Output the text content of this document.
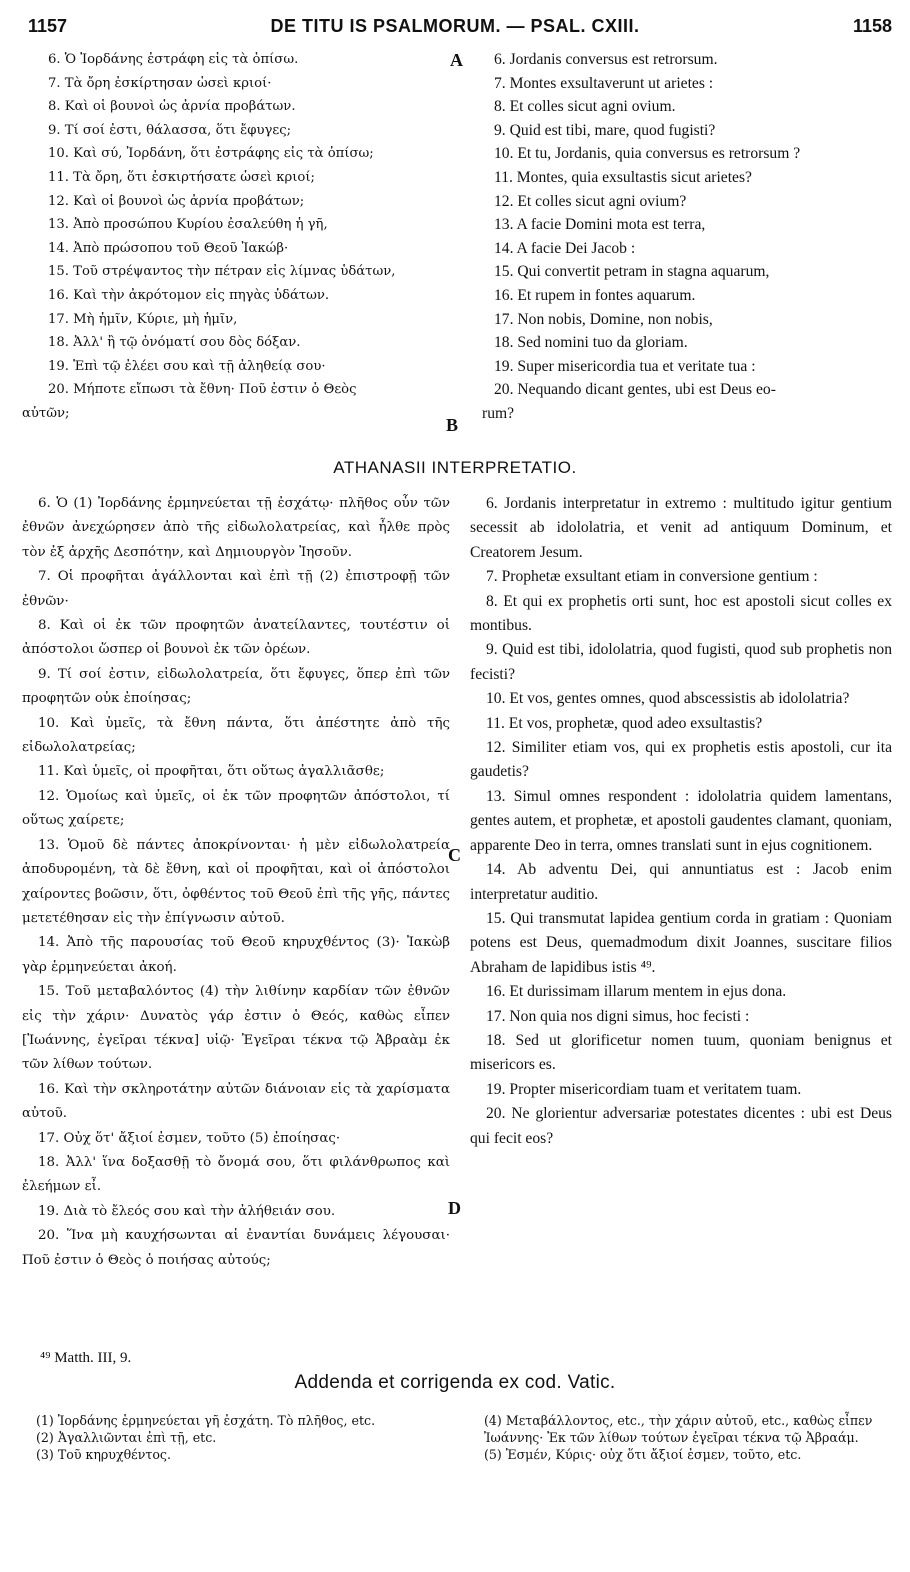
1157	DE TITU IS PSALMORUM. — PSAL. CXIII.	1158
6. Ὁ Ἰορδάνης ἐστράφη εἰς τὰ ὀπίσω.
7. Τὰ ὄρη ἐσκίρτησαν ὡσεὶ κριοί·
8. Καὶ οἱ βουνοὶ ὡς ἀρνία προβάτων.
9. Τί σοί ἐστι, θάλασσα, ὅτι ἔφυγες;
10. Καὶ σύ, Ἰορδάνη, ὅτι ἐστράφης εἰς τὰ ὀπίσω;
11. Τὰ ὄρη, ὅτι ἐσκιρτήσατε ὡσεὶ κριοί;
12. Καὶ οἱ βουνοὶ ὡς ἀρνία προβάτων;
13. Ἀπὸ προσώπου Κυρίου ἐσαλεύθη ἡ γῆ,
14. Ἀπὸ πρώσοπου τοῦ Θεοῦ Ἰακώβ·
15. Τοῦ στρέψαντος τὴν πέτραν εἰς λίμνας ὑδάτων,
16. Καὶ τὴν ἀκρότομον εἰς πηγὰς ὑδάτων.
17. Μὴ ἡμῖν, Κύριε, μὴ ἡμῖν,
18. Ἀλλ' ἢ τῷ ὀνόματί σου δὸς δόξαν.
19. Ἐπὶ τῷ ἐλέει σου καὶ τῇ ἀληθείᾳ σου·
20. Μήποτε εἴπωσι τὰ ἔθνη· Ποῦ ἐστιν ὁ Θεὸς
αὐτῶν;
6. Jordanis conversus est retrorsum.
7. Montes exsultaverunt ut arietes :
8. Et colles sicut agni ovium.
9. Quid est tibi, mare, quod fugisti?
10. Et tu, Jordanis, quia conversus es retrorsum ?
11. Montes, quia exsultastis sicut arietes?
12. Et colles sicut agni ovium?
13. A facie Domini mota est terra,
14. A facie Dei Jacob :
15. Qui convertit petram in stagna aquarum,
16. Et rupem in fontes aquarum.
17. Non nobis, Domine, non nobis,
18. Sed nomini tuo da gloriam.
19. Super misericordia tua et veritate tua :
20. Nequando dicant gentes, ubi est Deus eo-
rum?
A
B
ATHANASII INTERPRETATIO.
6. Ὁ (1) Ἰορδάνης ἑρμηνεύεται τῇ ἐσχάτῳ· πλῆθος οὖν τῶν ἐθνῶν ἀνεχώρησεν ἀπὸ τῆς εἰδωλολατρείας, καὶ ἦλθε πρὸς τὸν ἐξ ἀρχῆς Δεσπότην, καὶ Δημιουργὸν Ἰησοῦν.
7. Οἱ προφῆται ἀγάλλονται καὶ ἐπὶ τῇ (2) ἐπιστροφῇ τῶν ἐθνῶν·
8. Καὶ οἱ ἐκ τῶν προφητῶν ἀνατείλαντες, τουτέστιν οἱ ἀπόστολοι ὥσπερ οἱ βουνοὶ ἐκ τῶν ὀρέων.
9. Τί σοί ἐστιν, εἰδωλολατρεία, ὅτι ἔφυγες, ὅπερ ἐπὶ τῶν προφητῶν οὐκ ἐποίησας;
10. Καὶ ὑμεῖς, τὰ ἔθνη πάντα, ὅτι ἀπέστητε ἀπὸ τῆς εἰδωλολατρείας;
11. Καὶ ὑμεῖς, οἱ προφῆται, ὅτι οὕτως ἀγαλλιᾶσθε;
12. Ὁμοίως καὶ ὑμεῖς, οἱ ἐκ τῶν προφητῶν ἀπόστολοι, τί οὕτως χαίρετε;
13. Ὁμοῦ δὲ πάντες ἀποκρίνονται· ἡ μὲν εἰδωλολατρεία ἀποδυρομένη, τὰ δὲ ἔθνη, καὶ οἱ προφῆται, καὶ οἱ ἀπόστολοι χαίροντες βοῶσιν, ὅτι, ὀφθέντος τοῦ Θεοῦ ἐπὶ τῆς γῆς, πάντες μετετέθησαν εἰς τὴν ἐπίγνωσιν αὐτοῦ.
14. Ἀπὸ τῆς παρουσίας τοῦ Θεοῦ κηρυχθέντος (3)· Ἰακὼβ γὰρ ἑρμηνεύεται ἀκοή.
15. Τοῦ μεταβαλόντος (4) τὴν λιθίνην καρδίαν τῶν ἐθνῶν εἰς τὴν χάριν· Δυνατὸς γάρ ἐστιν ὁ Θεός, καθὼς εἶπεν [Ἰωάννης, ἐγεῖραι τέκνα] υἱῷ· Ἐγεῖραι τέκνα τῷ Ἀβραὰμ ἐκ τῶν λίθων τούτων.
16. Καὶ τὴν σκληροτάτην αὐτῶν διάνοιαν εἰς τὰ χαρίσματα αὐτοῦ.
17. Οὐχ ὅτ' ἄξιοί ἐσμεν, τοῦτο (5) ἐποίησας·
18. Ἀλλ' ἵνα δοξασθῇ τὸ ὄνομά σου, ὅτι φιλάνθρωπος καὶ ἐλεήμων εἶ.
19. Διὰ τὸ ἔλεός σου καὶ τὴν ἀλήθειάν σου.
20. Ἵνα μὴ καυχήσωνται αἱ ἐναντίαι δυνάμεις λέγουσαι· Ποῦ ἐστιν ὁ Θεὸς ὁ ποιήσας αὐτούς;
6. Jordanis interpretatur in extremo : multitudo igitur gentium secessit ab idololatria, et venit ad antiquum Dominum, et Creatorem Jesum.
7. Prophetæ exsultant etiam in conversione gentium :
8. Et qui ex prophetis orti sunt, hoc est apostoli sicut colles ex montibus.
9. Quid est tibi, idololatria, quod fugisti, quod sub prophetis non fecisti?
10. Et vos, gentes omnes, quod abscessistis ab idololatria?
11. Et vos, prophetæ, quod adeo exsultastis?
12. Similiter etiam vos, qui ex prophetis estis apostoli, cur ita gaudetis?
13. Simul omnes respondent : idololatria quidem lamentans, gentes autem, et prophetæ, et apostoli gaudentes clamant, quoniam, apparente Deo in terra, omnes translati sunt in ejus cognitionem.
14. Ab adventu Dei, qui annuntiatus est : Jacob enim interpretatur auditio.
15. Qui transmutat lapidea gentium corda in gratiam : Quoniam potens est Deus, quemadmodum dixit Joannes, suscitare filios Abraham de lapidibus istis ⁴⁹.
16. Et durissimam illarum mentem in ejus dona.
17. Non quia nos digni simus, hoc fecisti :
18. Sed ut glorificetur nomen tuum, quoniam benignus et misericors es.
19. Propter misericordiam tuam et veritatem tuam.
20. Ne glorientur adversariæ potestates dicentes : ubi est Deus qui fecit eos?
C
D
⁴⁹ Matth. III, 9.
Addenda et corrigenda ex cod. Vatic.
(1) Ἰορδάνης ἑρμηνεύεται γῆ ἐσχάτη. Τὸ πλῆθος, etc.
(2) Ἀγαλλιῶνται ἐπὶ τῇ, etc.
(3) Τοῦ κηρυχθέντος.
(4) Μεταβάλλοντος, etc., τὴν χάριν αὐτοῦ, etc., καθὼς εἶπεν Ἰωάννης· Ἐκ τῶν λίθων τούτων ἐγεῖραι τέκνα τῷ Ἀβραάμ.
(5) Ἐσμέν, Κύρις· οὐχ ὅτι ἄξιοί ἐσμεν, τοῦτο, etc.
